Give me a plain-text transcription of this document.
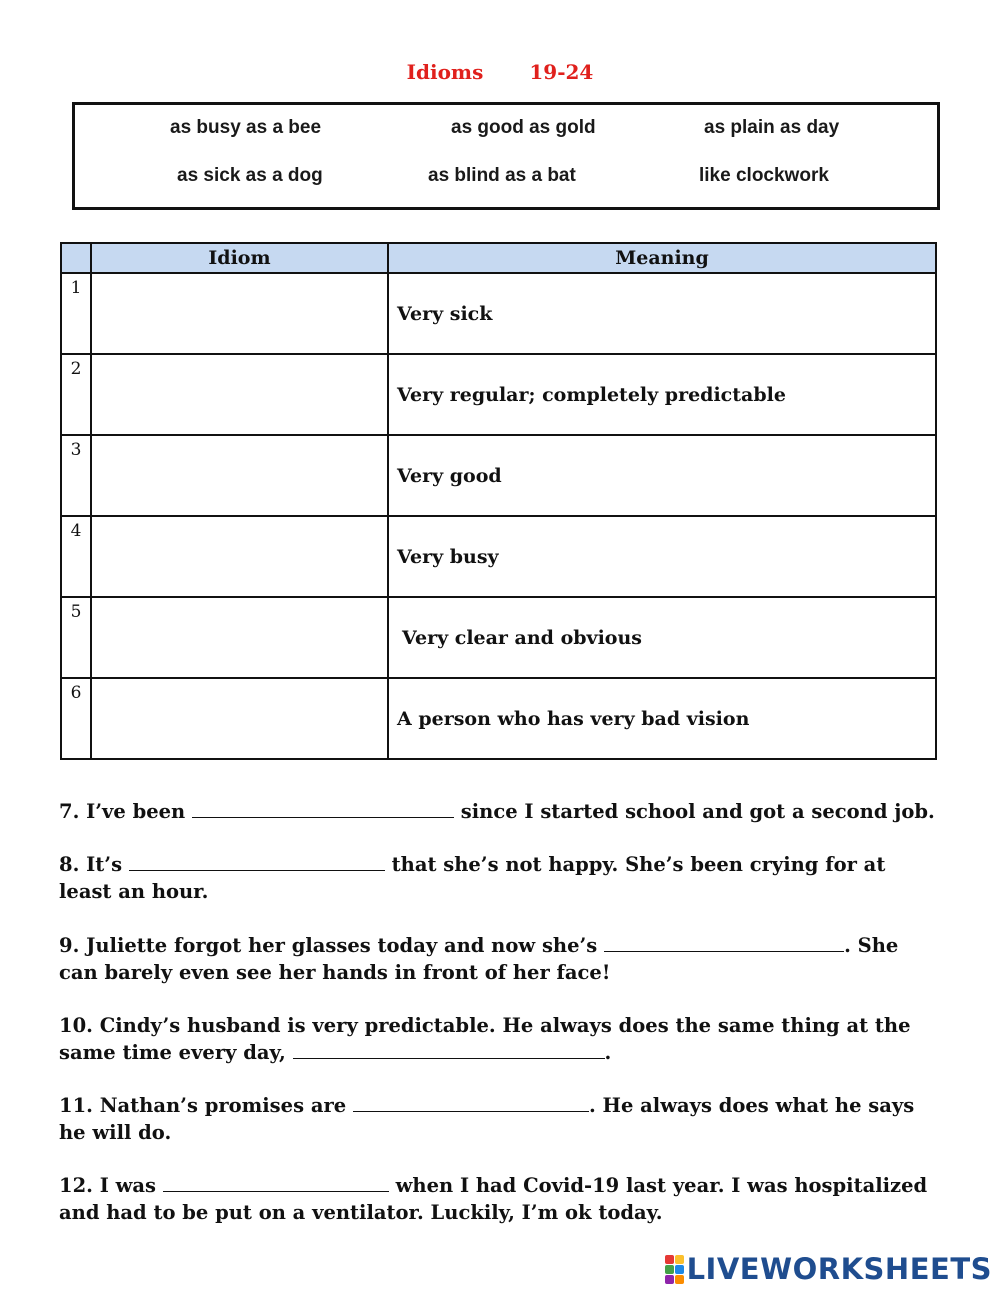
Idioms 19-24
as busy as a bee	as good as gold	as plain as day
as sick as a dog	as blind as a bat	like clockwork
	Idiom	Meaning
1		Very sick
2		Very regular; completely predictable
3		Very good
4		Very busy
5		Very clear and obvious
6		A person who has very bad vision
7. I’ve been	since I started school and got a second job.
8. It’s	that she’s not happy. She’s been crying for at least an hour.
9. Juliette forgot her glasses today and now she’s	. She can barely even see her hands in front of her face!
10. Cindy’s husband is very predictable. He always does the same thing at the same time every day,	.
11. Nathan’s promises are	. He always does what he says he will do.
12. I was	when I had Covid-19 last year. I was hospitalized and had to be put on a ventilator. Luckily, I’m ok today.
LIVEWORKSHEETS
